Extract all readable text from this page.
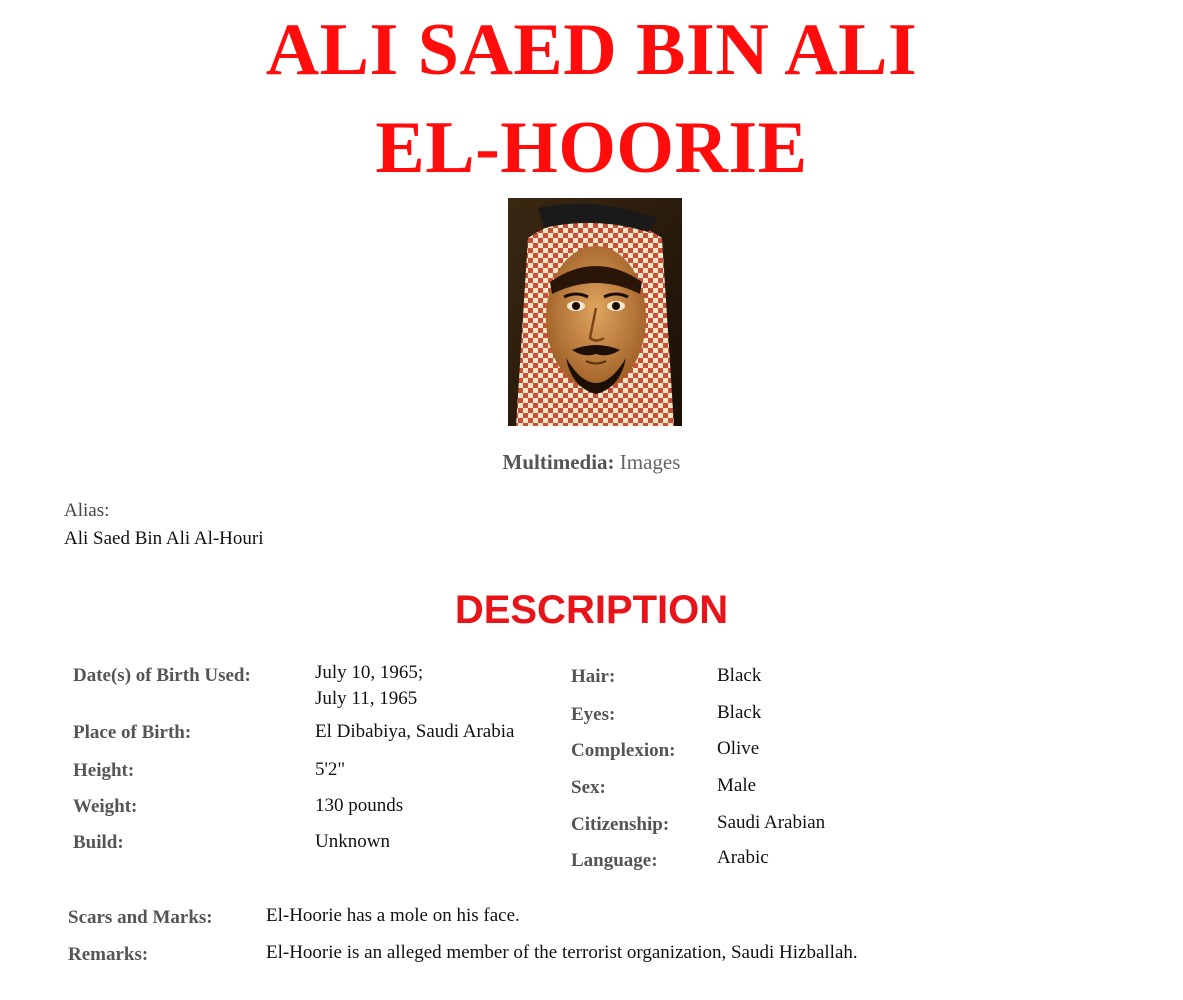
ALI SAED BIN ALI
EL-HOORIE
Multimedia: Images
Alias:
Ali Saed Bin Ali Al-Houri
DESCRIPTION
Date(s) of Birth Used:	July 10, 1965;
July 11, 1965
Place of Birth:	El Dibabiya, Saudi Arabia
Height:	5'2"
Weight:	130 pounds
Build:	Unknown
Hair:	Black
Eyes:	Black
Complexion: Olive
Sex:	Male
Citizenship:	Saudi Arabian
Language:	Arabic
Scars and Marks:	El-Hoorie has a mole on his face.
Remarks:	El-Hoorie is an alleged member of the terrorist organization, Saudi Hizballah.
